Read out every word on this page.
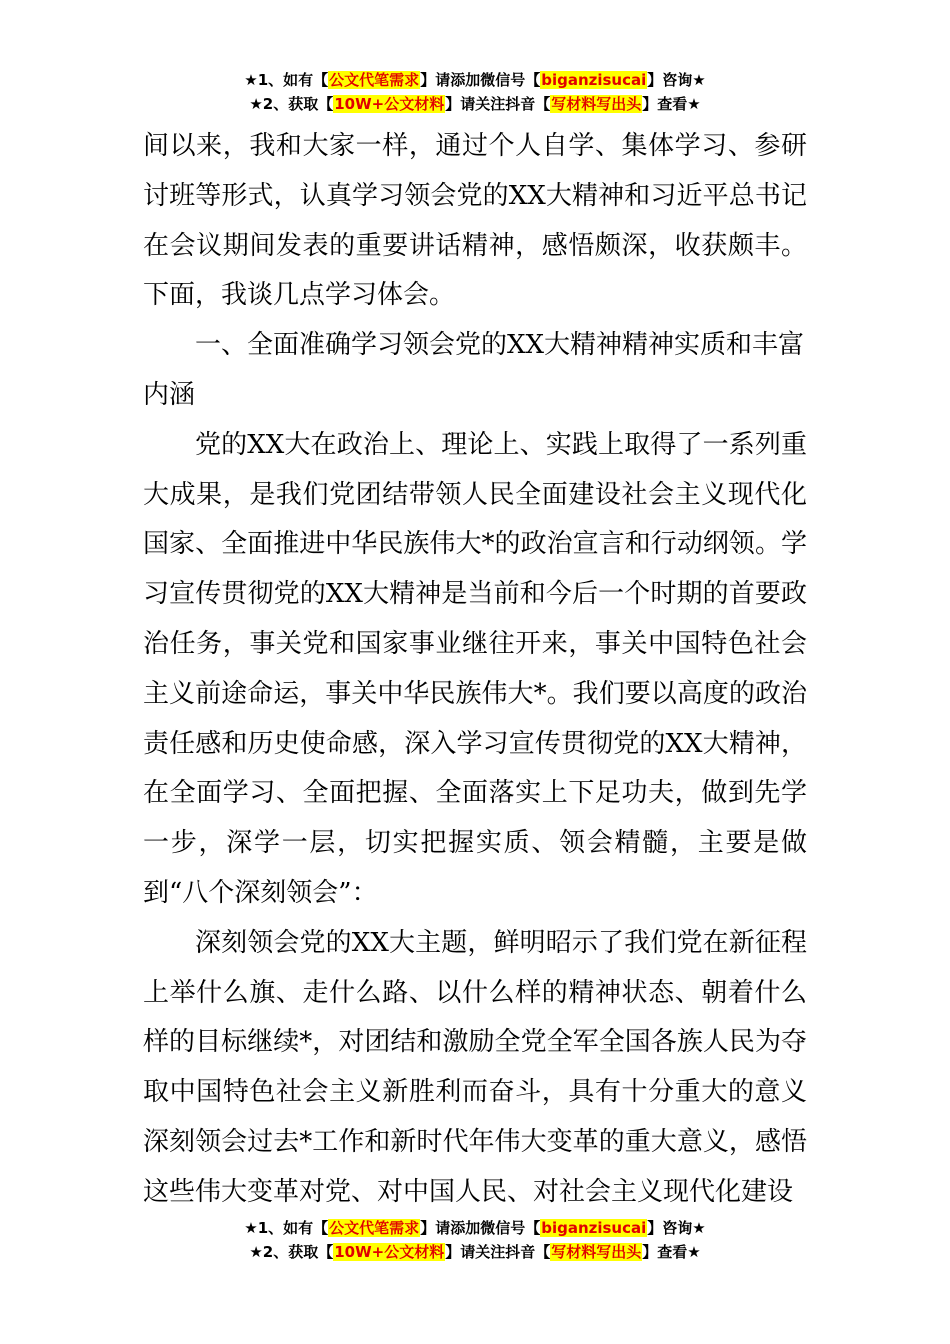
★1、如有【公文代笔需求】请添加微信号【biganzisucai】咨询★
★2、获取【10W+公文材料】请关注抖音【写材料写出头】查看★

间以来，我和大家一样，通过个人自学、集体学习、参研讨班等形式，认真学习领会党的XX大精神和习近平总书记在会议期间发表的重要讲话精神，感悟颇深，收获颇丰。下面，我谈几点学习体会。

一、全面准确学习领会党的XX大精神精神实质和丰富内涵

党的XX大在政治上、理论上、实践上取得了一系列重大成果，是我们党团结带领人民全面建设社会主义现代化国家、全面推进中华民族伟大*的政治宣言和行动纲领。学习宣传贯彻党的XX大精神是当前和今后一个时期的首要政治任务，事关党和国家事业继往开来，事关中国特色社会主义前途命运，事关中华民族伟大*。我们要以高度的政治责任感和历史使命感，深入学习宣传贯彻党的XX大精神，在全面学习、全面把握、全面落实上下足功夫，做到先学一步，深学一层，切实把握实质、领会精髓，主要是做到“八个深刻领会”：

深刻领会党的XX大主题，鲜明昭示了我们党在新征程上举什么旗、走什么路、以什么样的精神状态、朝着什么样的目标继续*，对团结和激励全党全军全国各族人民为夺取中国特色社会主义新胜利而奋斗，具有十分重大的意义深刻领会过去*工作和新时代年伟大变革的重大意义，感悟这些伟大变革对党、对中国人民、对社会主义现代化建设

★1、如有【公文代笔需求】请添加微信号【biganzisucai】咨询★
★2、获取【10W+公文材料】请关注抖音【写材料写出头】查看★
